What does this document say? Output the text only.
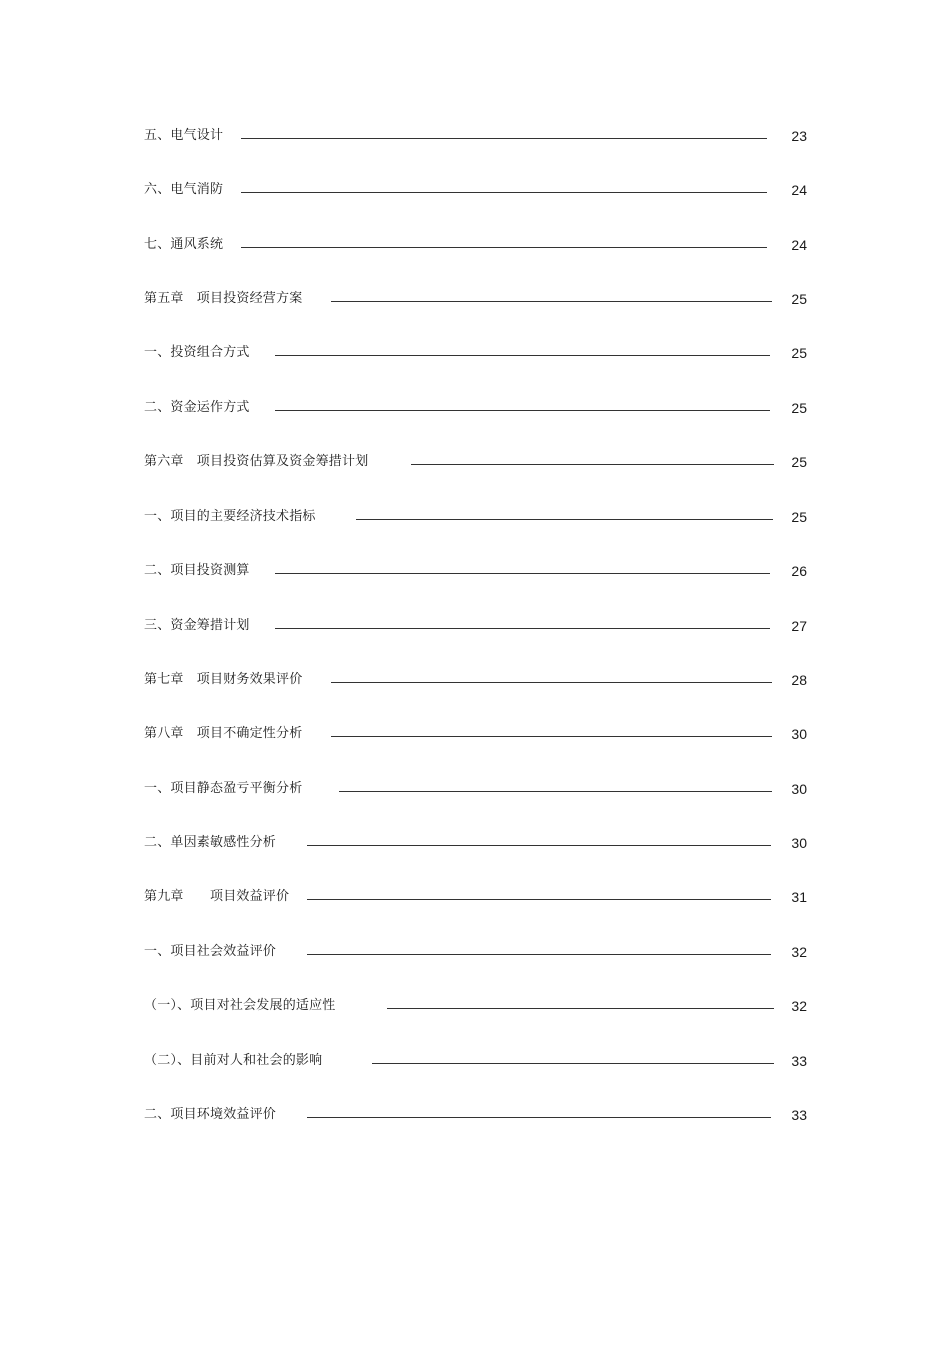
五、电气设计	23
六、电气消防	24
七、通风系统	24
第五章　项目投资经营方案	25
一、投资组合方式	25
二、资金运作方式	25
第六章　项目投资估算及资金筹措计划	25
一、项目的主要经济技术指标	25
二、项目投资测算	26
三、资金筹措计划	27
第七章　项目财务效果评价	28
第八章　项目不确定性分析	30
一、项目静态盈亏平衡分析	30
二、单因素敏感性分析	30
第九章　　项目效益评价	31
一、项目社会效益评价	32
（一）、项目对社会发展的适应性	32
（二）、目前对人和社会的影响	33
二、项目环境效益评价	33
